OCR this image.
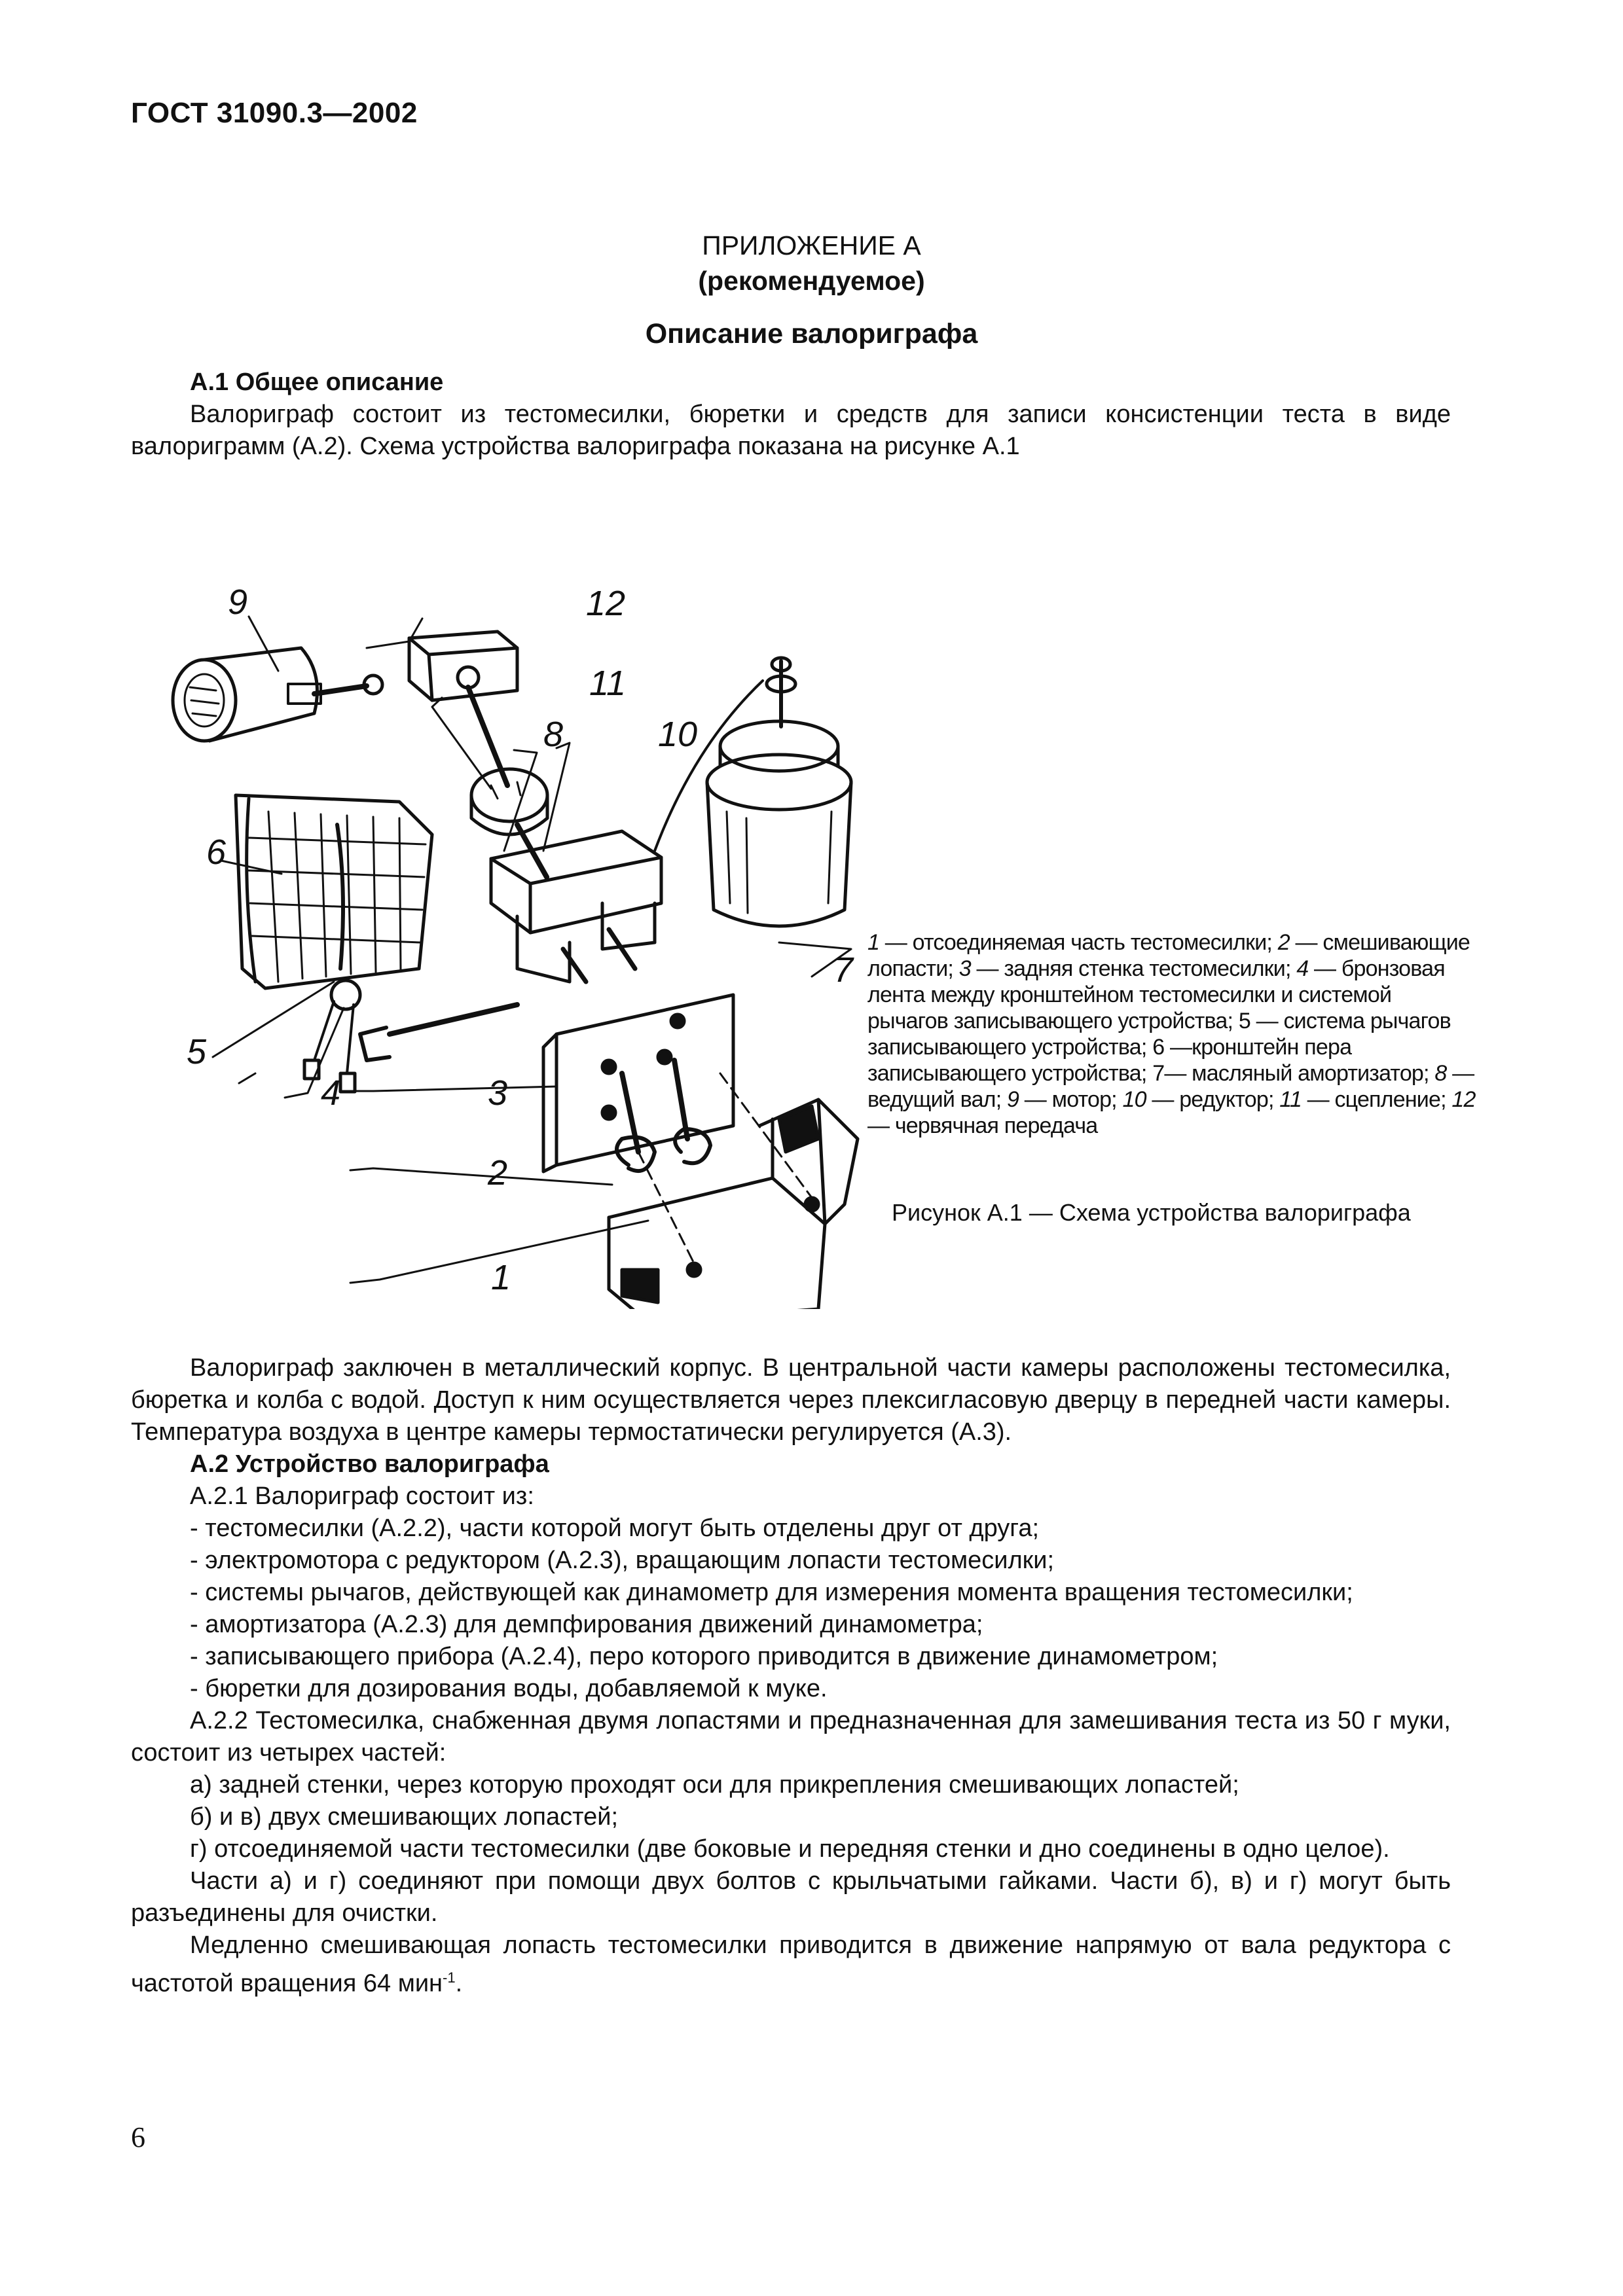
ГОСТ 31090.3—2002
ПРИЛОЖЕНИЕ А
(рекомендуемое)
Описание валориграфа

А.1 Общее описание

Валориграф состоит из тестомесилки, бюретки и средств для записи консистенции теста в виде валориграмм (А.2). Схема устройства валориграфа показана на рисунке А.1

9	12
11
8	10
6
7
5
4	3
2
1
1 — отсоединяемая часть тестомесилки; 2 — смешивающие лопасти; 3 — задняя стенка тестомесилки; 4 — бронзовая лента между кронштейном тестомесилки и системой рычагов записывающего устройства; 5 — система рычагов записывающего устройства; 6 —кронштейн пера записывающего устройства; 7— масляный амортизатор; 8 — ведущий вал; 9 — мотор; 10 — редуктор; 11 — сцепление; 12 — червячная передача
Рисунок А.1 — Схема устройства валориграфа

Валориграф заключен в металлический корпус. В центральной части камеры расположены тестомесилка, бюретка и колба с водой. Доступ к ним осуществляется через плексигласовую дверцу в передней части камеры. Температура воздуха в центре камеры термостатически регулируется (А.3).

А.2 Устройство валориграфа

А.2.1 Валориграф состоит из:

- тестомесилки (А.2.2), части которой могут быть отделены друг от друга;

- электромотора с редуктором (А.2.3), вращающим лопасти тестомесилки;

- системы рычагов, действующей как динамометр для измерения момента вращения тестомесилки;

- амортизатора (А.2.3) для демпфирования движений динамометра;

- записывающего прибора (А.2.4), перо которого приводится в движение динамометром;

- бюретки для дозирования воды, добавляемой к муке.

А.2.2 Тестомесилка, снабженная двумя лопастями и предназначенная для замешивания теста из 50 г муки, состоит из четырех частей:

а) задней стенки, через которую проходят оси для прикрепления смешивающих лопастей;

б) и в) двух смешивающих лопастей;

г) отсоединяемой части тестомесилки (две боковые и передняя стенки и дно соединены в одно целое).

Части а) и г) соединяют при помощи двух болтов с крыльчатыми гайками. Части б), в) и г) могут быть разъединены для очистки.

Медленно смешивающая лопасть тестомесилки приводится в движение напрямую от вала редуктора с частотой вращения 64 мин$^{-1}$.

6
